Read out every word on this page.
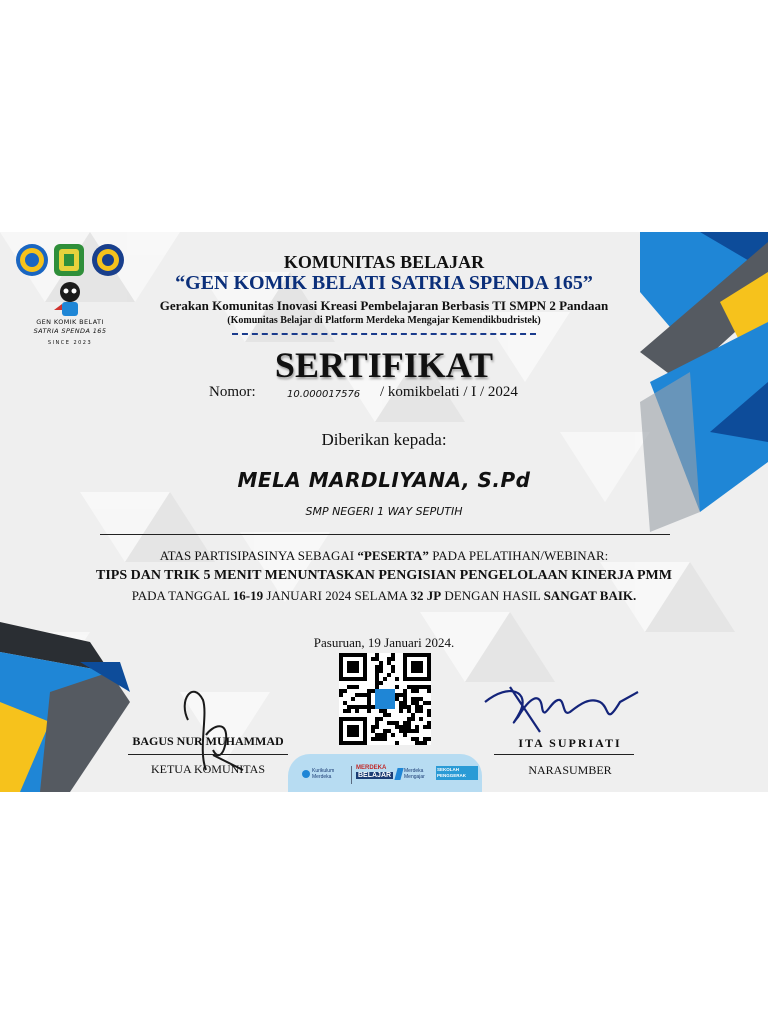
GEN KOMIK BELATI
SATRIA SPENDA 165
SINCE 2023
KOMUNITAS BELAJAR
“GEN KOMIK BELATI SATRIA SPENDA 165”
Gerakan Komunitas Inovasi Kreasi Pembelajaran Berbasis TI SMPN 2 Pandaan
(Komunitas Belajar di Platform Merdeka Mengajar Kemendikbudristek)
SERTIFIKAT
Nomor:	10.000017576 / komikbelati / I / 2024
Diberikan kepada:
MELA MARDLIYANA, S.Pd
SMP NEGERI 1 WAY SEPUTIH
ATAS PARTISIPASINYA SEBAGAI “PESERTA” PADA PELATIHAN/WEBINAR:
TIPS DAN TRIK 5 MENIT MENUNTASKAN PENGISIAN PENGELOLAAN KINERJA PMM
PADA TANGGAL 16-19 JANUARI 2024 SELAMA 32 JP DENGAN HASIL SANGAT BAIK.
Pasuruan, 19 Januari 2024.
BAGUS NUR MUHAMMAD
KETUA KOMUNITAS
ITA SUPRIATI
NARASUMBER
Kurikulum
Merdeka
MERDEKA
BELAJAR
Merdeka
Mengajar
SEKOLAH PENGGERAK
